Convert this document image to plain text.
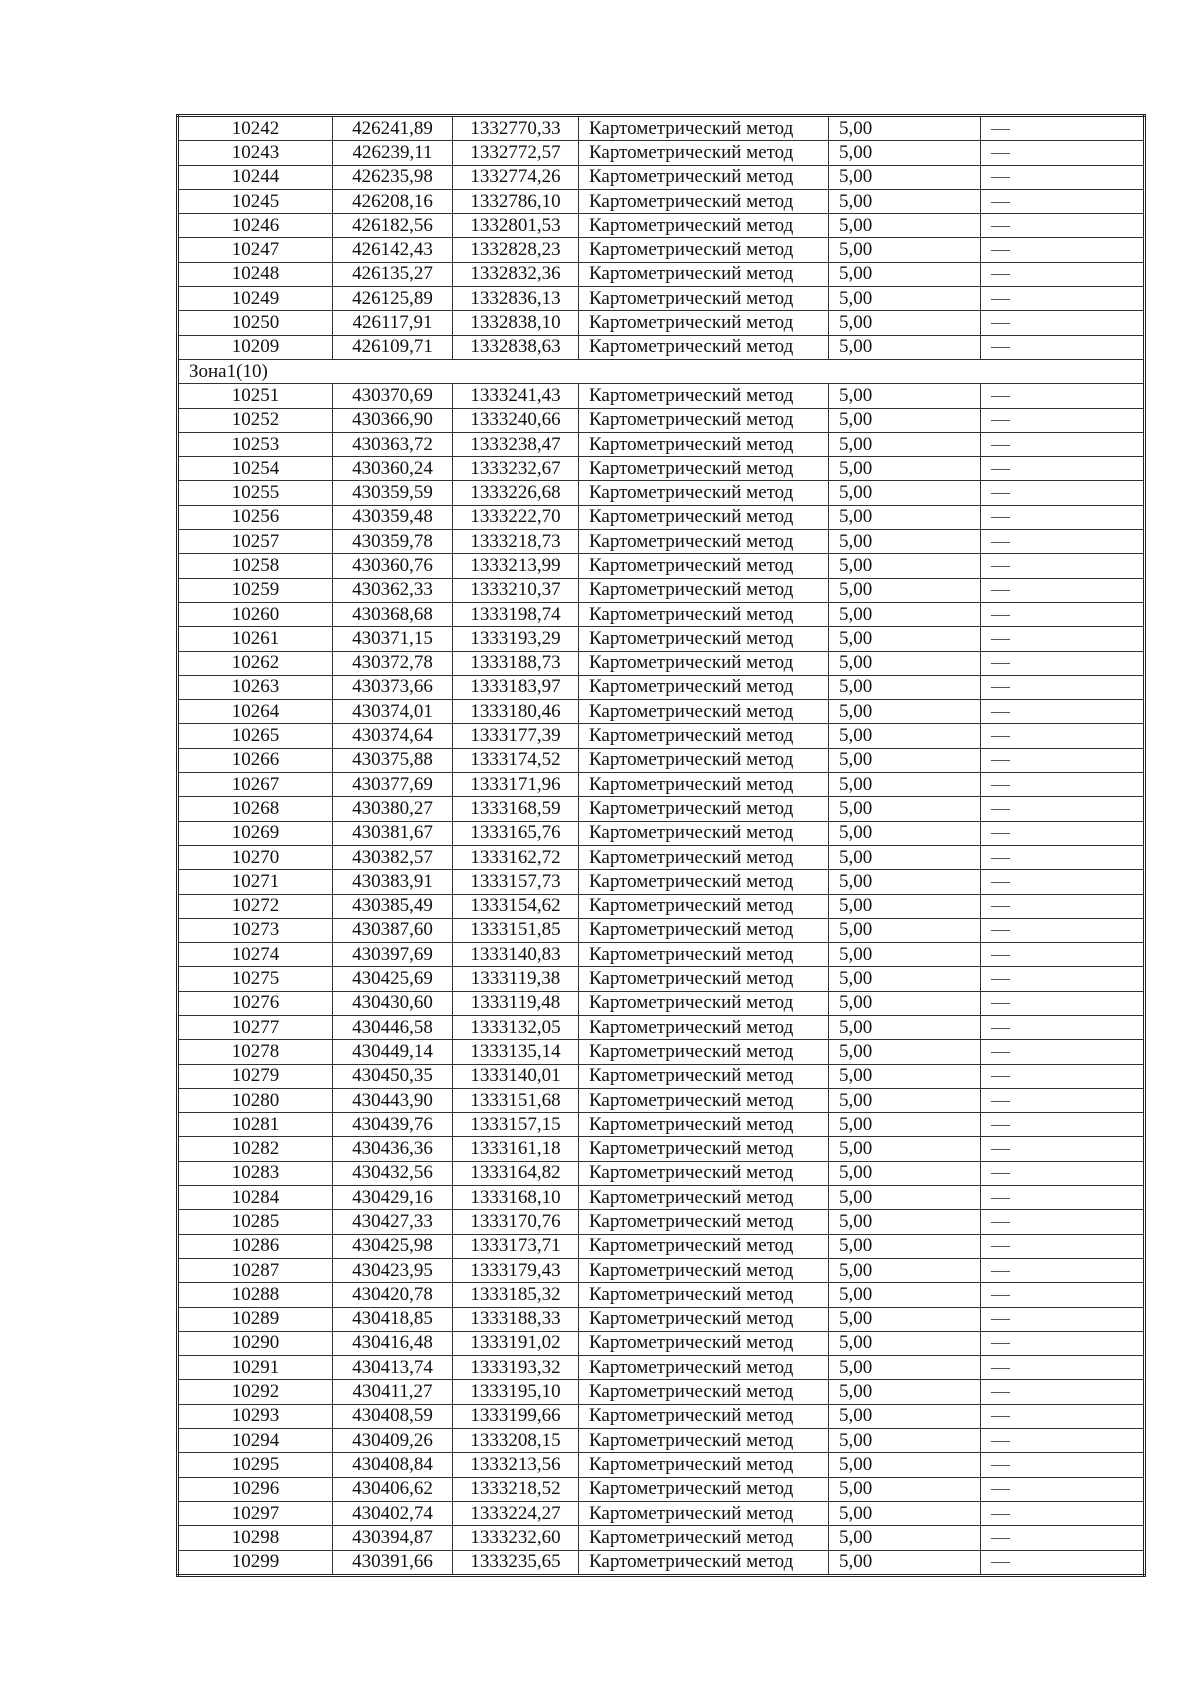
10242	426241,89	1332770,33	Картометрический метод	5,00	—
10243	426239,11	1332772,57	Картометрический метод	5,00	—
10244	426235,98	1332774,26	Картометрический метод	5,00	—
10245	426208,16	1332786,10	Картометрический метод	5,00	—
10246	426182,56	1332801,53	Картометрический метод	5,00	—
10247	426142,43	1332828,23	Картометрический метод	5,00	—
10248	426135,27	1332832,36	Картометрический метод	5,00	—
10249	426125,89	1332836,13	Картометрический метод	5,00	—
10250	426117,91	1332838,10	Картометрический метод	5,00	—
10209	426109,71	1332838,63	Картометрический метод	5,00	—
Зона1(10)					
10251	430370,69	1333241,43	Картометрический метод	5,00	—
10252	430366,90	1333240,66	Картометрический метод	5,00	—
10253	430363,72	1333238,47	Картометрический метод	5,00	—
10254	430360,24	1333232,67	Картометрический метод	5,00	—
10255	430359,59	1333226,68	Картометрический метод	5,00	—
10256	430359,48	1333222,70	Картометрический метод	5,00	—
10257	430359,78	1333218,73	Картометрический метод	5,00	—
10258	430360,76	1333213,99	Картометрический метод	5,00	—
10259	430362,33	1333210,37	Картометрический метод	5,00	—
10260	430368,68	1333198,74	Картометрический метод	5,00	—
10261	430371,15	1333193,29	Картометрический метод	5,00	—
10262	430372,78	1333188,73	Картометрический метод	5,00	—
10263	430373,66	1333183,97	Картометрический метод	5,00	—
10264	430374,01	1333180,46	Картометрический метод	5,00	—
10265	430374,64	1333177,39	Картометрический метод	5,00	—
10266	430375,88	1333174,52	Картометрический метод	5,00	—
10267	430377,69	1333171,96	Картометрический метод	5,00	—
10268	430380,27	1333168,59	Картометрический метод	5,00	—
10269	430381,67	1333165,76	Картометрический метод	5,00	—
10270	430382,57	1333162,72	Картометрический метод	5,00	—
10271	430383,91	1333157,73	Картометрический метод	5,00	—
10272	430385,49	1333154,62	Картометрический метод	5,00	—
10273	430387,60	1333151,85	Картометрический метод	5,00	—
10274	430397,69	1333140,83	Картометрический метод	5,00	—
10275	430425,69	1333119,38	Картометрический метод	5,00	—
10276	430430,60	1333119,48	Картометрический метод	5,00	—
10277	430446,58	1333132,05	Картометрический метод	5,00	—
10278	430449,14	1333135,14	Картометрический метод	5,00	—
10279	430450,35	1333140,01	Картометрический метод	5,00	—
10280	430443,90	1333151,68	Картометрический метод	5,00	—
10281	430439,76	1333157,15	Картометрический метод	5,00	—
10282	430436,36	1333161,18	Картометрический метод	5,00	—
10283	430432,56	1333164,82	Картометрический метод	5,00	—
10284	430429,16	1333168,10	Картометрический метод	5,00	—
10285	430427,33	1333170,76	Картометрический метод	5,00	—
10286	430425,98	1333173,71	Картометрический метод	5,00	—
10287	430423,95	1333179,43	Картометрический метод	5,00	—
10288	430420,78	1333185,32	Картометрический метод	5,00	—
10289	430418,85	1333188,33	Картометрический метод	5,00	—
10290	430416,48	1333191,02	Картометрический метод	5,00	—
10291	430413,74	1333193,32	Картометрический метод	5,00	—
10292	430411,27	1333195,10	Картометрический метод	5,00	—
10293	430408,59	1333199,66	Картометрический метод	5,00	—
10294	430409,26	1333208,15	Картометрический метод	5,00	—
10295	430408,84	1333213,56	Картометрический метод	5,00	—
10296	430406,62	1333218,52	Картометрический метод	5,00	—
10297	430402,74	1333224,27	Картометрический метод	5,00	—
10298	430394,87	1333232,60	Картометрический метод	5,00	—
10299	430391,66	1333235,65	Картометрический метод	5,00	—
